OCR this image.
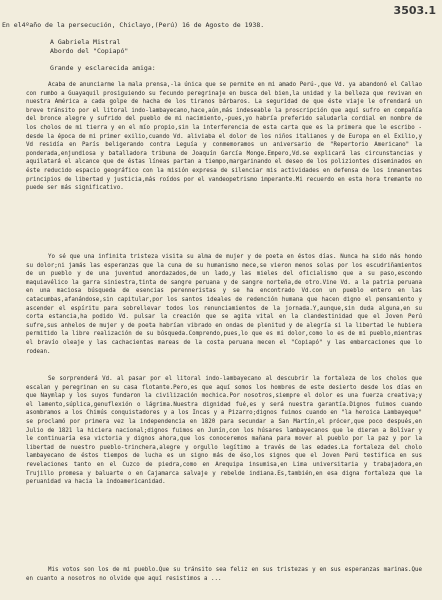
3503.1
En el4ºaño de la persecución, Chiclayo,(Perú) 16 de Agosto de 1938.
A Gabriela Mistral
Abordo del "Copiapó"
Grande y esclarecida amiga:

Acaba de anunciarme la mala prensa,-la única que se permite en mi amado Perú-,que Vd. ya abandonó el Callao con rumbo a Guayaquil prosiguiendo su fecundo peregrinaje en busca del bien,la unidad y la belleza que revivan en nuestra América a cada golpe de hacha de los tiranos bárbaros. La seguridad de que éste viaje le ofrendará un breve tránsito por el litoral indo-lambayecano,hace,aún,más indeseable la proscripción que aquí sufro en compañía del bronce alegre y sufrido del pueblo de mi nacimiento,-pues,yo habría preferido saludarla cordial en nombre de los cholos de mi tierra y en el mío propio,sin la interferencia de esta carta que es la primera que le escribo -desde la época de mi primer exilio,cuando Vd. aliviaba el dolor de los niños italianos y de Europa en el Exilio,y Vd residía en París beligerando contra Leguía y conmemoramos un aniversario de "Repertorio Americano" la ponderada,enjundiosa y batalladora tribuna de Joaquín García Monge.Empero,Vd.se explicará las circunstancias y aquilatará el alcance que de éstas líneas partan a tiempo,margarinando el deseo de los poliziontes diseminados en éste reducido espacio geográfico con la misión expresa de silenciar mis actividades en defensa de los inmanentes principios de libertad y justicia,más roídos por el vandeopetrismo imperante.Mi recuerdo en esta hora tremante no puede ser más significativo.

Yo sé que una infinita tristeza visita su alma de mujer y de poeta en éstos días. Nunca ha sido más hondo su dolor;ni jamás las esperanzas que la cuna de su humanismo mece,se vieron menos solas por los escudriñamientos de un pueblo y de una juventud amordazados,de un lado,y las mieles del oficialismo que a su paso,escondo maquiavélico la garra siniestra,tinta de sangre peruana y de sangre norteña,de otro.Vine Vd. a la patria peruana en una maciosa búsqueda de esencias perenneristas y se ha encontrado Vd.con un pueblo entero en las catacumbas,afanándose,sin capitular,por los santos ideales de redención humana que hacen digno el pensamiento y ascender el espíritu para sobrellevar todos los renunciamientos de la jornada.Y,aunque,sin duda alguna,en su corta estancia,ha podido Vd. pulsar la creación que se agita vital en la clandestinidad que el Joven Perú sufre,sus anhelos de mujer y de poeta habrían vibrado en ondas de plenitud y de alegría si la libertad le hubiera permitido la libre realización de su búsqueda.Comprendo,pues,lo que es mi dolor,como lo es de mi pueblo,mientras el bravío oleaje y las cachacientas mareas de la costa peruana mecen el "Copiapó" y las embarcaciones que lo rodean.

Se sorprenderá Vd. al pasar por el litoral indo-lambayecano al descubrir la fortaleza de los cholos que escalan y peregrinan en su casa flotante.Pero,es que aquí somos los hombres de este desierto desde los días en que Naymlap y los suyos fundaron la civilización mochica.Por nosotros,siempre el dolor es una fuerza creativa;y el lamento,súplica,genuflexión o lágrima.Nuestra dignidad fué,es y será nuestra garantía.Dignos fuimos cuando asombramos a los Chimús conquistadores y a los Incas y a Pizarro;dignos fuimos cuando en "la heroica Lambayeque" se proclamó por primera vez la independencia en 1820 para secundar a San Martín,el prócer,que poco después,en Julio de 1821 la hiciera nacional;dignos fuimos en Junín,con los húsares lambayecanos que le dieran a Bolívar y le continuaría esa victoria y dignos ahora,que los conoceremos mañana para mover al pueblo por la paz y por la libertad de nuestro pueblo-trinchera,alegre y orgullo legítimo a través de las edades.La fortaleza del cholo lambayecano de éstos tiempos de lucha es un signo más de éso,los signos que el Joven Perú testifica en sus revelaciones tanto en el Cuzco de piedra,como en Arequipa insumisa,en Lima universitaria y trabajadora,en Trujillo promesa y baluarte o en Cajamarca salvaje y rebelde indiana.Es,también,en esa digna fortaleza que la peruanidad va hacia la indoamericanidad.

Mis votos son los de mi pueblo.Que su tránsito sea feliz en sus tristezas y en sus esperanzas marinas.Que en cuanto a nosotros no olvide que aquí resistimos a ...
